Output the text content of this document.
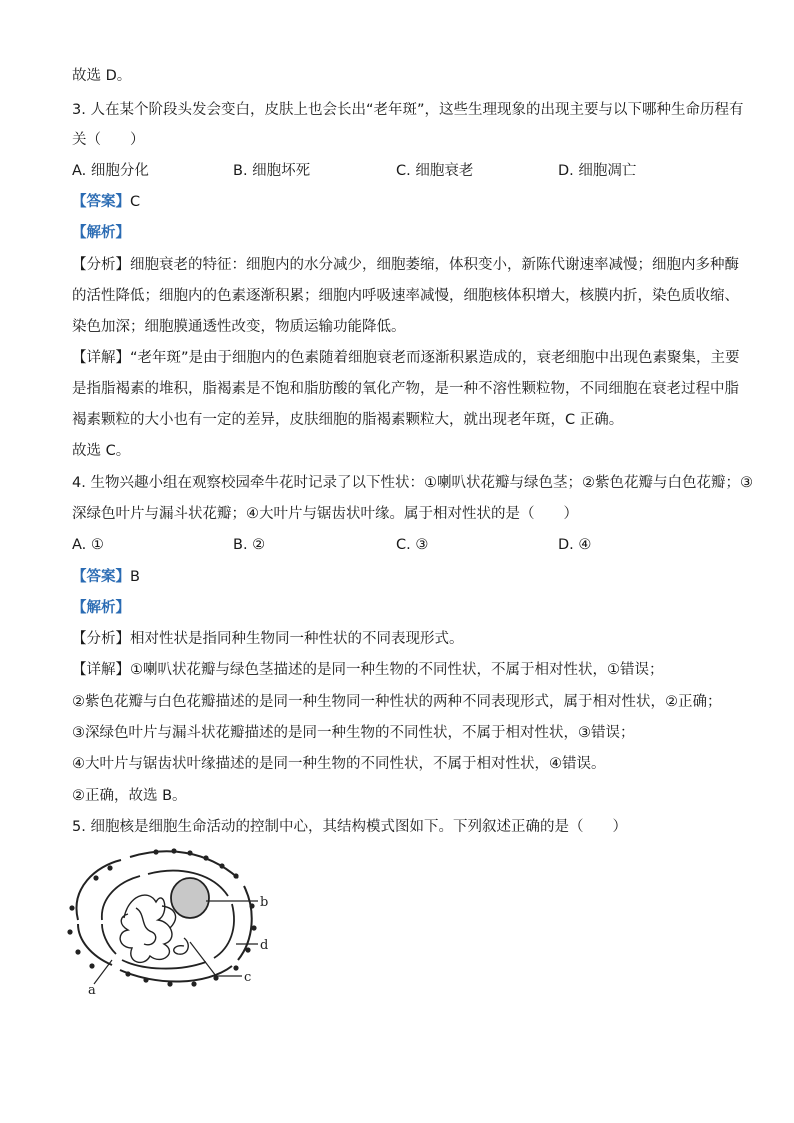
故选 D。
3. 人在某个阶段头发会变白，皮肤上也会长出“老年斑”，这些生理现象的出现主要与以下哪种生命历程有
关（　　）
A. 细胞分化	B. 细胞坏死	C. 细胞衰老	D. 细胞凋亡
【答案】C
【解析】
【分析】细胞衰老的特征：细胞内的水分减少，细胞萎缩，体积变小，新陈代谢速率减慢；细胞内多种酶
的活性降低；细胞内的色素逐渐积累；细胞内呼吸速率减慢，细胞核体积增大，核膜内折，染色质收缩、
染色加深；细胞膜通透性改变，物质运输功能降低。
【详解】“老年斑”是由于细胞内的色素随着细胞衰老而逐渐积累造成的，衰老细胞中出现色素聚集，主要
是指脂褐素的堆积，脂褐素是不饱和脂肪酸的氧化产物，是一种不溶性颗粒物，不同细胞在衰老过程中脂
褐素颗粒的大小也有一定的差异，皮肤细胞的脂褐素颗粒大，就出现老年斑，C 正确。
故选 C。
4. 生物兴趣小组在观察校园牵牛花时记录了以下性状：①喇叭状花瓣与绿色茎；②紫色花瓣与白色花瓣；③
深绿色叶片与漏斗状花瓣；④大叶片与锯齿状叶缘。属于相对性状的是（　　）
A. ①	B. ②	C. ③	D. ④
【答案】B
【解析】
【分析】相对性状是指同种生物同一种性状的不同表现形式。
【详解】①喇叭状花瓣与绿色茎描述的是同一种生物的不同性状，不属于相对性状，①错误；
②紫色花瓣与白色花瓣描述的是同一种生物同一种性状的两种不同表现形式，属于相对性状，②正确；
③深绿色叶片与漏斗状花瓣描述的是同一种生物的不同性状，不属于相对性状，③错误；
④大叶片与锯齿状叶缘描述的是同一种生物的不同性状，不属于相对性状，④错误。
②正确，故选 B。
5. 细胞核是细胞生命活动的控制中心，其结构模式图如下。下列叙述正确的是（　　）
b
d
c
a
